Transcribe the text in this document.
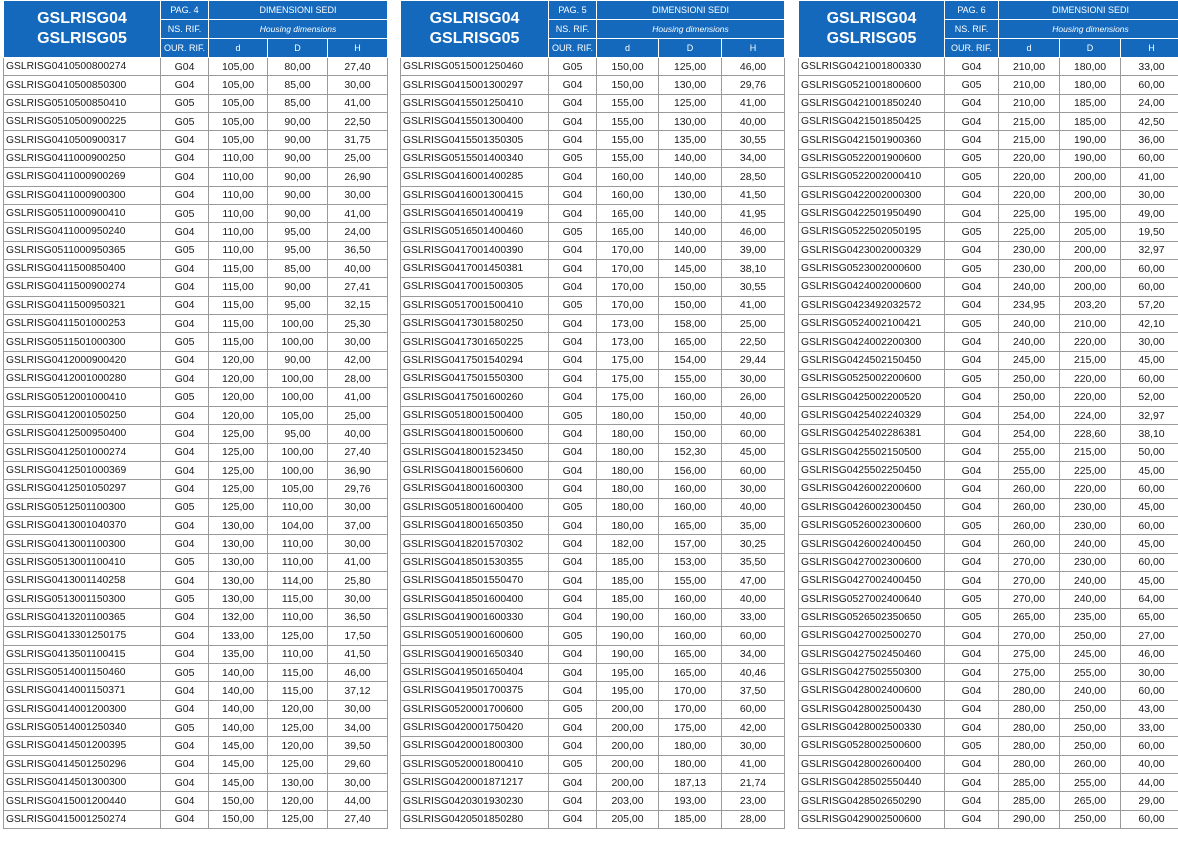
GSLRISG04
GSLRISG05	PAG. 4	DIMENSIONI SEDI		
	NS. RIF.	Housing dimensions		
	OUR. RIF.	d	D	H
GSLRISG0410500800274	G04	105,00	80,00	27,40
GSLRISG0410500850300	G04	105,00	85,00	30,00
GSLRISG0510500850410	G05	105,00	85,00	41,00
GSLRISG0510500900225	G05	105,00	90,00	22,50
GSLRISG0410500900317	G04	105,00	90,00	31,75
GSLRISG0411000900250	G04	110,00	90,00	25,00
GSLRISG0411000900269	G04	110,00	90,00	26,90
GSLRISG0411000900300	G04	110,00	90,00	30,00
GSLRISG0511000900410	G05	110,00	90,00	41,00
GSLRISG0411000950240	G04	110,00	95,00	24,00
GSLRISG0511000950365	G05	110,00	95,00	36,50
GSLRISG0411500850400	G04	115,00	85,00	40,00
GSLRISG0411500900274	G04	115,00	90,00	27,41
GSLRISG0411500950321	G04	115,00	95,00	32,15
GSLRISG0411501000253	G04	115,00	100,00	25,30
GSLRISG0511501000300	G05	115,00	100,00	30,00
GSLRISG0412000900420	G04	120,00	90,00	42,00
GSLRISG0412001000280	G04	120,00	100,00	28,00
GSLRISG0512001000410	G05	120,00	100,00	41,00
GSLRISG0412001050250	G04	120,00	105,00	25,00
GSLRISG0412500950400	G04	125,00	95,00	40,00
GSLRISG0412501000274	G04	125,00	100,00	27,40
GSLRISG0412501000369	G04	125,00	100,00	36,90
GSLRISG0412501050297	G04	125,00	105,00	29,76
GSLRISG0512501100300	G05	125,00	110,00	30,00
GSLRISG0413001040370	G04	130,00	104,00	37,00
GSLRISG0413001100300	G04	130,00	110,00	30,00
GSLRISG0513001100410	G05	130,00	110,00	41,00
GSLRISG0413001140258	G04	130,00	114,00	25,80
GSLRISG0513001150300	G05	130,00	115,00	30,00
GSLRISG0413201100365	G04	132,00	110,00	36,50
GSLRISG0413301250175	G04	133,00	125,00	17,50
GSLRISG0413501100415	G04	135,00	110,00	41,50
GSLRISG0514001150460	G05	140,00	115,00	46,00
GSLRISG0414001150371	G04	140,00	115,00	37,12
GSLRISG0414001200300	G04	140,00	120,00	30,00
GSLRISG0514001250340	G05	140,00	125,00	34,00
GSLRISG0414501200395	G04	145,00	120,00	39,50
GSLRISG0414501250296	G04	145,00	125,00	29,60
GSLRISG0414501300300	G04	145,00	130,00	30,00
GSLRISG0415001200440	G04	150,00	120,00	44,00
GSLRISG0415001250274	G04	150,00	125,00	27,40
GSLRISG04
GSLRISG05	PAG. 5	DIMENSIONI SEDI		
	NS. RIF.	Housing dimensions		
	OUR. RIF.	d	D	H
GSLRISG0515001250460	G05	150,00	125,00	46,00
GSLRISG0415001300297	G04	150,00	130,00	29,76
GSLRISG0415501250410	G04	155,00	125,00	41,00
GSLRISG0415501300400	G04	155,00	130,00	40,00
GSLRISG0415501350305	G04	155,00	135,00	30,55
GSLRISG0515501400340	G05	155,00	140,00	34,00
GSLRISG0416001400285	G04	160,00	140,00	28,50
GSLRISG0416001300415	G04	160,00	130,00	41,50
GSLRISG0416501400419	G04	165,00	140,00	41,95
GSLRISG0516501400460	G05	165,00	140,00	46,00
GSLRISG0417001400390	G04	170,00	140,00	39,00
GSLRISG0417001450381	G04	170,00	145,00	38,10
GSLRISG0417001500305	G04	170,00	150,00	30,55
GSLRISG0517001500410	G05	170,00	150,00	41,00
GSLRISG0417301580250	G04	173,00	158,00	25,00
GSLRISG0417301650225	G04	173,00	165,00	22,50
GSLRISG0417501540294	G04	175,00	154,00	29,44
GSLRISG0417501550300	G04	175,00	155,00	30,00
GSLRISG0417501600260	G04	175,00	160,00	26,00
GSLRISG0518001500400	G05	180,00	150,00	40,00
GSLRISG0418001500600	G04	180,00	150,00	60,00
GSLRISG0418001523450	G04	180,00	152,30	45,00
GSLRISG0418001560600	G04	180,00	156,00	60,00
GSLRISG0418001600300	G04	180,00	160,00	30,00
GSLRISG0518001600400	G05	180,00	160,00	40,00
GSLRISG0418001650350	G04	180,00	165,00	35,00
GSLRISG0418201570302	G04	182,00	157,00	30,25
GSLRISG0418501530355	G04	185,00	153,00	35,50
GSLRISG0418501550470	G04	185,00	155,00	47,00
GSLRISG0418501600400	G04	185,00	160,00	40,00
GSLRISG0419001600330	G04	190,00	160,00	33,00
GSLRISG0519001600600	G05	190,00	160,00	60,00
GSLRISG0419001650340	G04	190,00	165,00	34,00
GSLRISG0419501650404	G04	195,00	165,00	40,46
GSLRISG0419501700375	G04	195,00	170,00	37,50
GSLRISG0520001700600	G05	200,00	170,00	60,00
GSLRISG0420001750420	G04	200,00	175,00	42,00
GSLRISG0420001800300	G04	200,00	180,00	30,00
GSLRISG0520001800410	G05	200,00	180,00	41,00
GSLRISG0420001871217	G04	200,00	187,13	21,74
GSLRISG0420301930230	G04	203,00	193,00	23,00
GSLRISG0420501850280	G04	205,00	185,00	28,00
GSLRISG04
GSLRISG05	PAG. 6	DIMENSIONI SEDI		
	NS. RIF.	Housing dimensions		
	OUR. RIF.	d	D	H
GSLRISG0421001800330	G04	210,00	180,00	33,00
GSLRISG0521001800600	G05	210,00	180,00	60,00
GSLRISG0421001850240	G04	210,00	185,00	24,00
GSLRISG0421501850425	G04	215,00	185,00	42,50
GSLRISG0421501900360	G04	215,00	190,00	36,00
GSLRISG0522001900600	G05	220,00	190,00	60,00
GSLRISG0522002000410	G05	220,00	200,00	41,00
GSLRISG0422002000300	G04	220,00	200,00	30,00
GSLRISG0422501950490	G04	225,00	195,00	49,00
GSLRISG0522502050195	G05	225,00	205,00	19,50
GSLRISG0423002000329	G04	230,00	200,00	32,97
GSLRISG0523002000600	G05	230,00	200,00	60,00
GSLRISG0424002000600	G04	240,00	200,00	60,00
GSLRISG0423492032572	G04	234,95	203,20	57,20
GSLRISG0524002100421	G05	240,00	210,00	42,10
GSLRISG0424002200300	G04	240,00	220,00	30,00
GSLRISG0424502150450	G04	245,00	215,00	45,00
GSLRISG0525002200600	G05	250,00	220,00	60,00
GSLRISG0425002200520	G04	250,00	220,00	52,00
GSLRISG0425402240329	G04	254,00	224,00	32,97
GSLRISG0425402286381	G04	254,00	228,60	38,10
GSLRISG0425502150500	G04	255,00	215,00	50,00
GSLRISG0425502250450	G04	255,00	225,00	45,00
GSLRISG0426002200600	G04	260,00	220,00	60,00
GSLRISG0426002300450	G04	260,00	230,00	45,00
GSLRISG0526002300600	G05	260,00	230,00	60,00
GSLRISG0426002400450	G04	260,00	240,00	45,00
GSLRISG0427002300600	G04	270,00	230,00	60,00
GSLRISG0427002400450	G04	270,00	240,00	45,00
GSLRISG0527002400640	G05	270,00	240,00	64,00
GSLRISG0526502350650	G05	265,00	235,00	65,00
GSLRISG0427002500270	G04	270,00	250,00	27,00
GSLRISG0427502450460	G04	275,00	245,00	46,00
GSLRISG0427502550300	G04	275,00	255,00	30,00
GSLRISG0428002400600	G04	280,00	240,00	60,00
GSLRISG0428002500430	G04	280,00	250,00	43,00
GSLRISG0428002500330	G04	280,00	250,00	33,00
GSLRISG0528002500600	G05	280,00	250,00	60,00
GSLRISG0428002600400	G04	280,00	260,00	40,00
GSLRISG0428502550440	G04	285,00	255,00	44,00
GSLRISG0428502650290	G04	285,00	265,00	29,00
GSLRISG0429002500600	G04	290,00	250,00	60,00
